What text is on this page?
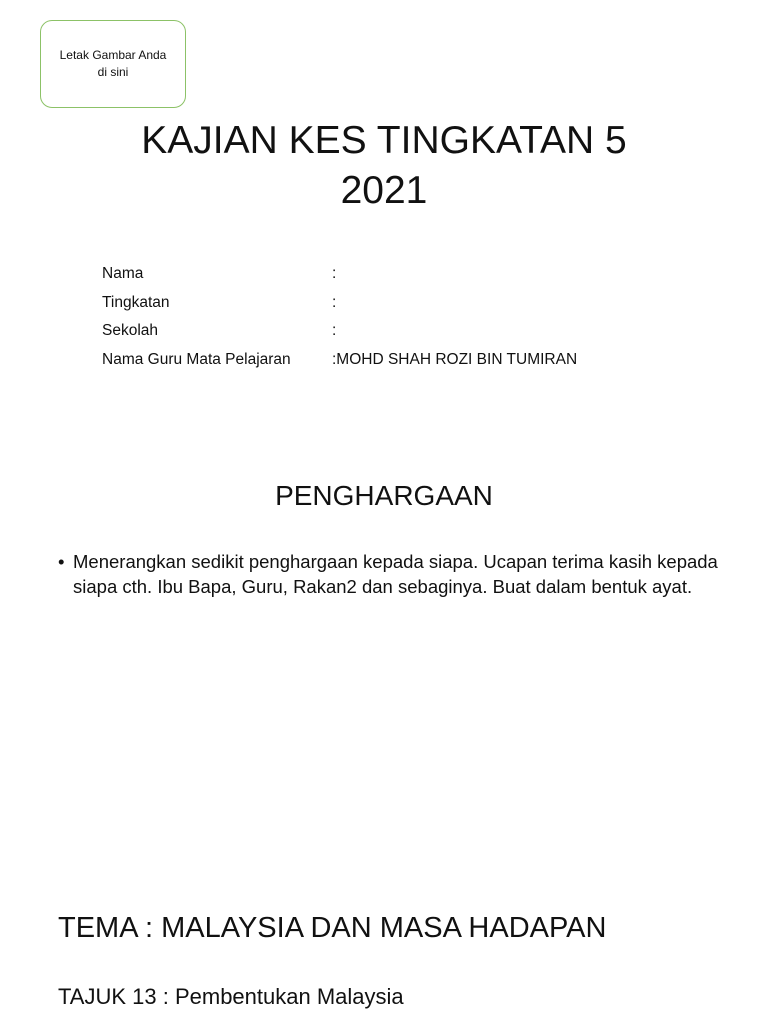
Letak Gambar Anda
di sini
KAJIAN KES TINGKATAN 5
2021
Nama	:
Tingkatan	:
Sekolah	:
Nama Guru Mata Pelajaran	:MOHD SHAH ROZI BIN TUMIRAN
PENGHARGAAN
• Menerangkan sedikit penghargaan kepada siapa. Ucapan terima kasih kepada siapa cth. Ibu Bapa, Guru, Rakan2 dan sebaginya. Buat dalam bentuk ayat.
TEMA : MALAYSIA DAN MASA HADAPAN
TAJUK 13 : Pembentukan Malaysia
